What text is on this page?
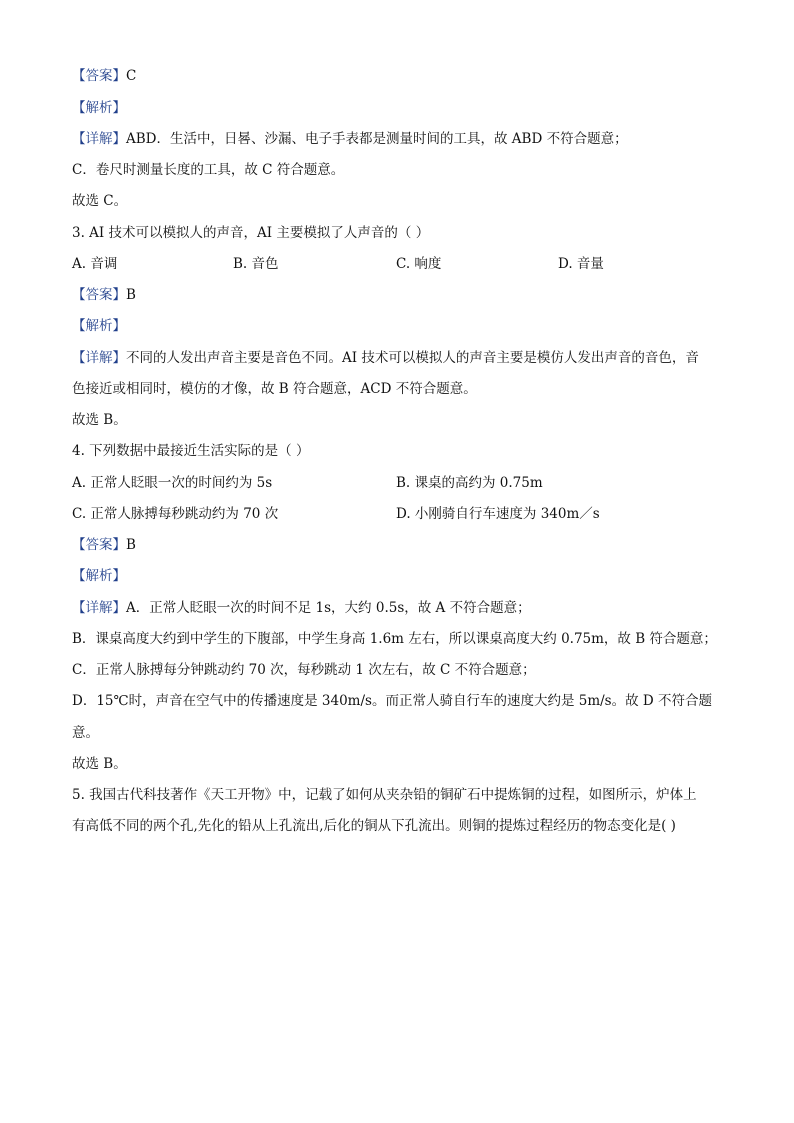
【答案】C
【解析】
【详解】ABD．生活中，日晷、沙漏、电子手表都是测量时间的工具，故 ABD 不符合题意；
C．卷尺时测量长度的工具，故 C 符合题意。
故选 C。
3. AI 技术可以模拟人的声音，AI 主要模拟了人声音的（ ）
A. 音调	B. 音色	C. 响度	D. 音量
【答案】B
【解析】
【详解】不同的人发出声音主要是音色不同。AI 技术可以模拟人的声音主要是模仿人发出声音的音色，音
色接近或相同时，模仿的才像，故 B 符合题意，ACD 不符合题意。
故选 B。
4. 下列数据中最接近生活实际的是（ ）
A. 正常人眨眼一次的时间约为 5s	B. 课桌的高约为 0.75m
C. 正常人脉搏每秒跳动约为 70 次	D. 小刚骑自行车速度为 340m／s
【答案】B
【解析】
【详解】A．正常人眨眼一次的时间不足 1s，大约 0.5s，故 A 不符合题意；
B．课桌高度大约到中学生的下腹部，中学生身高 1.6m 左右，所以课桌高度大约 0.75m，故 B 符合题意；
C．正常人脉搏每分钟跳动约 70 次，每秒跳动 1 次左右，故 C 不符合题意；
D．15℃时，声音在空气中的传播速度是 340m/s。而正常人骑自行车的速度大约是 5m/s。故 D 不符合题
意。
故选 B。
5. 我国古代科技著作《天工开物》中，记载了如何从夹杂铅的铜矿石中提炼铜的过程，如图所示，炉体上
有高低不同的两个孔,先化的铅从上孔流出,后化的铜从下孔流出。则铜的提炼过程经历的物态变化是( )
